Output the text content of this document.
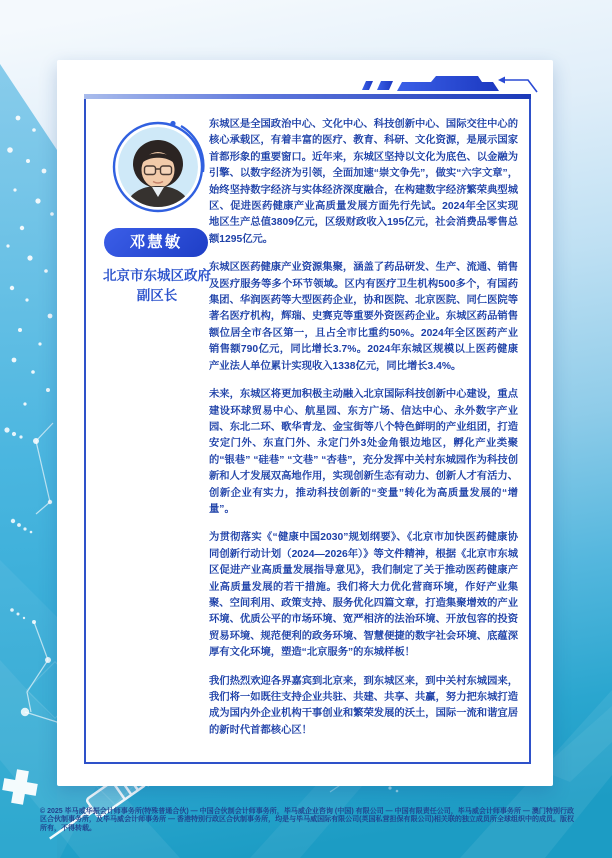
邓慧敏
北京市东城区政府
副区长

东城区是全国政治中心、文化中心、科技创新中心、国际交往中心的核心承载区，有着丰富的医疗、教育、科研、文化资源，是展示国家首都形象的重要窗口。近年来，东城区坚持以文化为底色、以金融为引擎、以数字经济为引领，全面加速“崇文争先”，做实“六字文章”，始终坚持数字经济与实体经济深度融合，在构建数字经济繁荣典型城区、促进医药健康产业高质量发展方面先行先试。2024年全区实现地区生产总值3809亿元，区级财政收入195亿元，社会消费品零售总额1295亿元。

东城区医药健康产业资源集聚，涵盖了药品研发、生产、流通、销售及医疗服务等多个环节领域。区内有医疗卫生机构500多个，有国药集团、华润医药等大型医药企业，协和医院、北京医院、同仁医院等著名医疗机构，辉瑞、史赛克等重要外资医药企业。东城区药品销售额位居全市各区第一，且占全市比重约50%。2024年全区医药产业销售额790亿元，同比增长3.7%。2024年东城区规模以上医药健康产业法人单位累计实现收入1338亿元，同比增长3.4%。

未来，东城区将更加积极主动融入北京国际科技创新中心建设，重点建设环球贸易中心、航星园、东方广场、信达中心、永外数字产业园、东北二环、歌华青龙、金宝街等八个特色鲜明的产业组团，打造安定门外、东直门外、永定门外3处金角银边地区，孵化产业类聚的“银巷” “硅巷” “文巷” “杏巷”，充分发挥中关村东城园作为科技创新和人才发展双高地作用，实现创新生态有动力、创新人才有活力、创新企业有实力，推动科技创新的“变量”转化为高质量发展的“增量”。

为贯彻落实《“健康中国2030”规划纲要》、《北京市加快医药健康协同创新行动计划（2024—2026年）》等文件精神，根据《北京市东城区促进产业高质量发展指导意见》，我们制定了关于推动医药健康产业高质量发展的若干措施。我们将大力优化营商环境，作好产业集聚、空间利用、政策支持、服务优化四篇文章，打造集聚增效的产业环境、优质公平的市场环境、宽严相济的法治环境、开放包容的投资贸易环境、规范便利的政务环境、智慧便捷的数字社会环境、底蕴深厚有文化环境，塑造“北京服务”的东城样板！

我们热烈欢迎各界嘉宾到北京来，到东城区来，到中关村东城园来，我们将一如既往支持企业共驻、共建、共享、共赢，努力把东城打造成为国内外企业机构干事创业和繁荣发展的沃土，国际一流和谐宜居的新时代首都核心区！

© 2025 毕马威华振会计师事务所(特殊普通合伙) — 中国合伙制会计师事务所，毕马威企业咨询 (中国) 有限公司 — 中国有限责任公司，毕马威会计师事务所 — 澳门特别行政区合伙制事务所，及毕马威会计师事务所 — 香港特别行政区合伙制事务所，均是与毕马威国际有限公司(英国私营担保有限公司)相关联的独立成员所全球组织中的成员。版权所有，不得转载。
